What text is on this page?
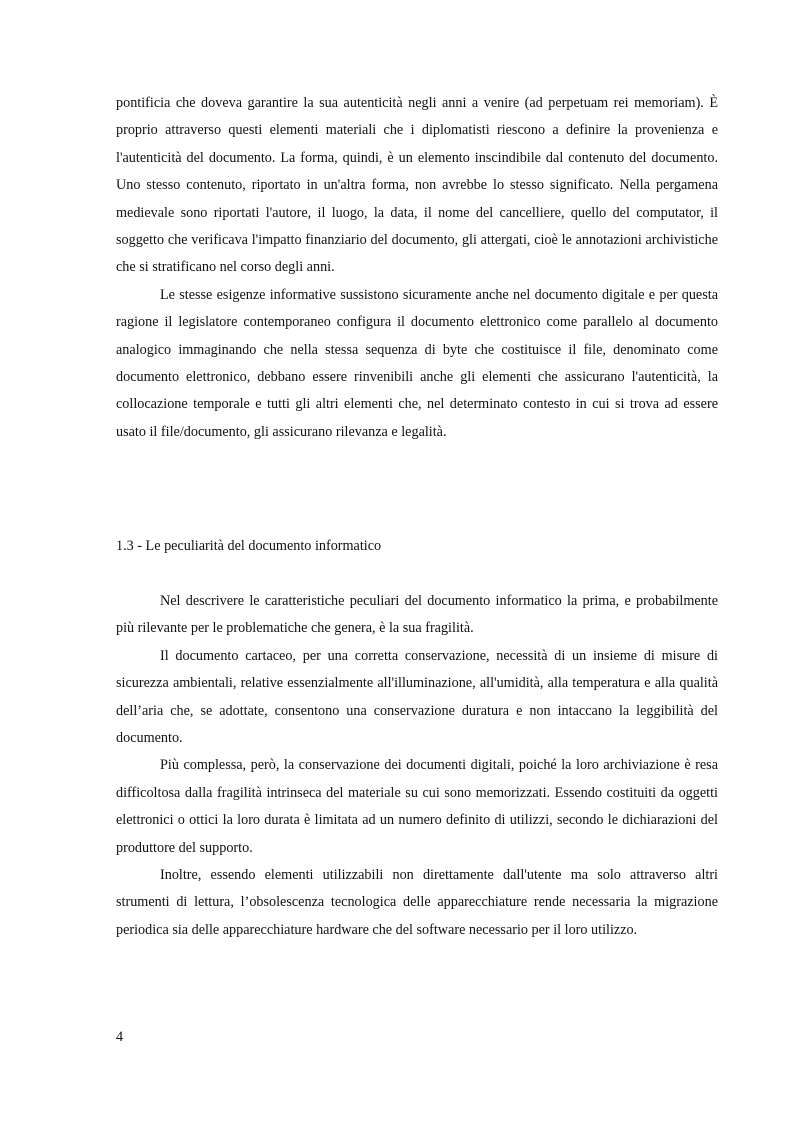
pontificia che doveva garantire la sua autenticità negli anni a venire (ad perpetuam rei memoriam). È proprio attraverso questi elementi materiali che i diplomatisti riescono a definire la provenienza e l'autenticità del documento. La forma, quindi, è un elemento inscindibile dal contenuto del documento. Uno stesso contenuto, riportato in un'altra forma, non avrebbe lo stesso significato. Nella pergamena medievale sono riportati l'autore, il luogo, la data, il nome del cancelliere, quello del computator, il soggetto che verificava l'impatto finanziario del documento, gli attergati, cioè le annotazioni archivistiche che si stratificano nel corso degli anni.

Le stesse esigenze informative sussistono sicuramente anche nel documento digitale e per questa ragione il legislatore contemporaneo configura il documento elettronico come parallelo al documento analogico immaginando che nella stessa sequenza di byte che costituisce il file, denominato come documento elettronico, debbano essere rinvenibili anche gli elementi che assicurano l'autenticità, la collocazione temporale e tutti gli altri elementi che, nel determinato contesto in cui si trova ad essere usato il file/documento, gli assicurano rilevanza e legalità.

1.3 - Le peculiarità del documento informatico

Nel descrivere le caratteristiche peculiari del documento informatico la prima, e probabilmente più rilevante per le problematiche che genera, è la sua fragilità.

Il documento cartaceo, per una corretta conservazione, necessità di un insieme di misure di sicurezza ambientali, relative essenzialmente all'illuminazione, all'umidità, alla temperatura e alla qualità dell’aria che, se adottate, consentono una conservazione duratura e non intaccano la leggibilità del documento.

Più complessa, però, la conservazione dei documenti digitali, poiché la loro archiviazione è resa difficoltosa dalla fragilità intrinseca del materiale su cui sono memorizzati. Essendo costituiti da oggetti elettronici o ottici la loro durata è limitata ad un numero definito di utilizzi, secondo le dichiarazioni del produttore del supporto.

Inoltre, essendo elementi utilizzabili non direttamente dall'utente ma solo attraverso altri strumenti di lettura, l’obsolescenza tecnologica delle apparecchiature rende necessaria la migrazione periodica sia delle apparecchiature hardware che del software necessario per il loro utilizzo.

4
